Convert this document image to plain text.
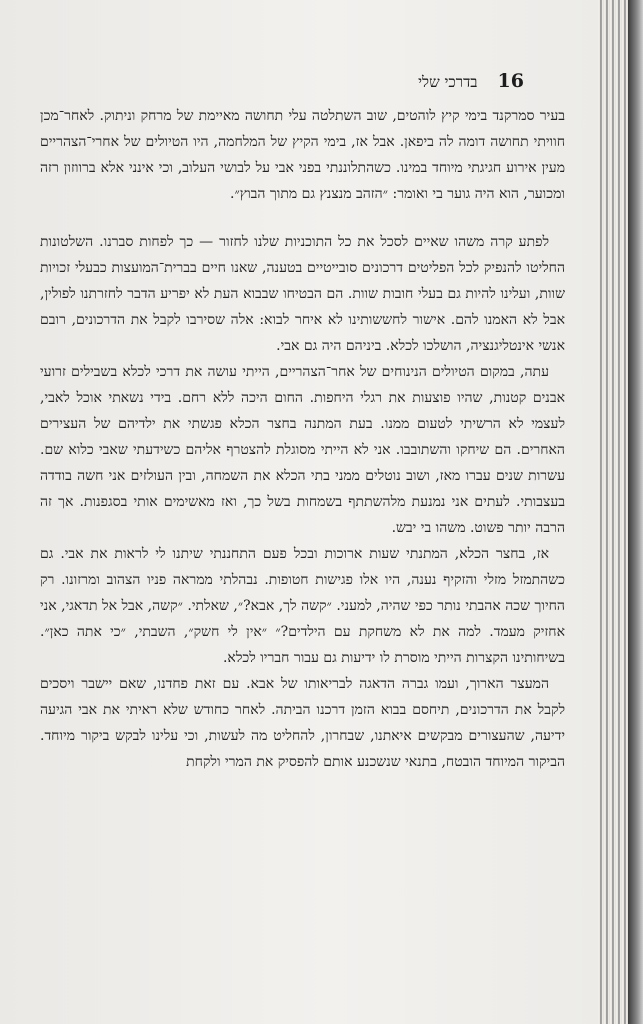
16
בדרכי שלי

בעיר סמרקנד בימי קיץ לוהטים, שוב השתלטה עלי תחושה מאיימת של מרחק וניתוק. לאחר־מכן חוויתי תחושה דומה לה ביפאן. אבל אז, בימי הקיץ של המלחמה, היו הטיולים של אחרי־הצהריים מעין אירוע חגיגתי מיוחד במינו. כשהתלוננתי בפני אבי על לבושי העלוב, וכי אינני אלא ברווזון רזה ומכוער, הוא היה גוער בי ואומר: ״הזהב מנצנץ גם מתוך הבוץ״.

לפתע קרה משהו שאיים לסכל את כל התוכניות שלנו לחזור — כך לפחות סברנו. השלטונות החליטו להנפיק לכל הפליטים דרכונים סובייטיים בטענה, שאנו חיים בברית־המועצות כבעלי זכויות שוות, ועלינו להיות גם בעלי חובות שוות. הם הבטיחו שבבוא העת לא יפריע הדבר לחזרתנו לפולין, אבל לא האמנו להם. אישור לחששותינו לא איחר לבוא: אלה שסירבו לקבל את הדרכונים, רובם אנשי אינטליגנציה, הושלכו לכלא. ביניהם היה גם אבי.

עתה, במקום הטיולים הנינוחים של אחר־הצהריים, הייתי עושה את דרכי לכלא בשבילים זרועי אבנים קטנות, שהיו פוצעות את רגלי היחפות. החום היכה ללא רחם. בידי נשאתי אוכל לאבי, לעצמי לא הרשיתי לטעום ממנו. בעת המתנה בחצר הכלא פגשתי את ילדיהם של העצירים האחרים. הם שיחקו והשתובבו. אני לא הייתי מסוגלת להצטרף אליהם כשידעתי שאבי כלוא שם. עשרות שנים עברו מאז, ושוב נוטלים ממני בתי הכלא את השמחה, ובין העולזים אני חשה בודדה בעצבותי. לעתים אני נמנעת מלהשתתף בשמחות בשל כך, ואז מאשימים אותי בסגפנות. אך זה הרבה יותר פשוט. משהו בי יבש.

אז, בחצר הכלא, המתנתי שעות ארוכות ובכל פעם התחננתי שיתנו לי לראות את אבי. גם כשהתמזל מזלי והזקיף נענה, היו אלו פגישות חטופות. נבהלתי ממראה פניו הצהוב ומרזונו. רק החיוך שכה אהבתי נותר כפי שהיה, למעני. ״קשה לך, אבא?״, שאלתי. ״קשה, אבל אל תדאגי, אני אחזיק מעמד. למה את לא משחקת עם הילדים?״ ״אין לי חשק״, השבתי, ״כי אתה כאן״. בשיחותינו הקצרות הייתי מוסרת לו ידיעות גם עבור חבריו לכלא.

המעצר הארוך, ועמו גברה הדאגה לבריאותו של אבא. עם זאת פחדנו, שאם יישבר ויסכים לקבל את הדרכונים, תיחסם בבוא הזמן דרכנו הביתה. לאחר כחודש שלא ראיתי את אבי הגיעה ידיעה, שהעצורים מבקשים איאתנו, שבחרון, להחליט מה לעשות, וכי עלינו לבקש ביקור מיוחד. הביקור המיוחד הובטח, בתנאי שנשכנע אותם להפסיק את המרי ולקחת
